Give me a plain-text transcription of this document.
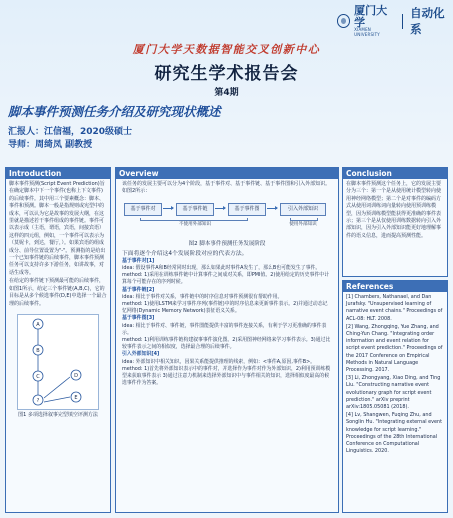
厦门大学
XIAMEN UNIVERSITY
自动化系
厦门大学天数据智能交叉创新中心
研究生学术报告会
第4期
脚本事件预测任务介绍及研究现状概述
汇报人：江信福，2020级硕士
导师：周绮凤 副教授
Introduction

脚本事件预测(Script Event Prediction)旨在确定脚本中下一个事件(也称上下文事件)的后续事件。其中用三个要素概念：脚本、事件和预测。脚本一般是指规则或宪型中的成本，可以认为它是故事的发展大纲，在这里就是描述若干事件组成的事件链。事件可以表示成（主语，谓语，宾语，间接宾语）这样的四元组，例如，一个事件可以表示为（莫妮卡，到达，餐厅，）。如果宾语的组成成分、前导位置设置为"-"。预测指的是给出一个已知事件链的后续事件，脚本事件预测任务可以支持许多下游任务，如讲故事，对话生成等。

在给定的事件链下预测最可能的后续事件，如图1所示，给定三个事件链(A,B,C)，它的目标是从多个候选事件(D,E)中选择一个最合理的后续事件。

A
B
C	D
E
?
图1 多项选择叙事完型填空评测方法
Overview
该任务的发展主要可以分为4个阶段，基于事件对、基于事件链、基于事件图和引入外部知识。如图2所示：
基于事件对	基于事件链	基于事件图	引入外部知识
不使用外部知识	使用外部知识
图2 脚本事件预测任务发展阶段
下面将逐个介绍这4个发展阶段对应的代表方法。
基于事件对[1]
idea: 假设事件A和B经常同时出现，那么如果此时事件A发生了，那么B也可能发生了事件。
method: 1)采用在训练事件链中计算事件之间成对关系，即PMI值。2)使用给定的历史事件中计算每个可能存在的序列时候。
基于事件链[2]
idea: 相比于事件对关系，事件链中的时序信息对事件预测很有帮助作用。
method: 1)使用LSTM来学习事件序列(事件链)中的时序信息来更新事件表示。2)并通过动态记忆网络(Dynamic Memory Network)表征语义关系。
基于事件图[3]
idea: 相比于事件对、事件链，事件图能提供丰富的事件连接关系，有利于学习更准确的事件表示。
method: 1)利用训练事件链构建叙事事件演化图。2)采用图神经网络来学习事件表示。3)通过比较事件表示之间的相似度，选择最合理的后续事件。
引入外部知识[4]
idea: 外部知识中相关知识，因果关系能提供推理的线索，例如：<事件A,原因,事件B>。
method: 1)首先将外部知识表示中的事件对，并选择作为事件对作为外部知识，2)利用预训练模型来获取事件表示 3)通过注意力机制来选择外部知识中与事件相关的知识，选择相似度最高的候选事件作为答案。
Conclusion
在脚本事件预测这个任务上，它的发展主要分为三个：第一个是从使用统计模型转向使用神经网络模型；第二个是对事件的编码方式从使用词训练词向量转向使用预训练模型，因为预训练模型能获得更准确的事件表示；第三个是从仅使用训练数据转向引入外部知识，因为引入外部知识能更好地理解事件的语义信息，进而提高预测性能。
References

[1] Chambers, Nathanael, and Dan Jurafsky. "Unsupervised learning of narrative event chains." Proceedings of ACL-08: HLT. 2008.

[2] Wang, Zhongqing, Yue Zhang, and Ching-Yun Chang. "Integrating order information and event relation for script event prediction." Proceedings of the 2017 Conference on Empirical Methods in Natural Language Processing. 2017.

[3] Li, Zhongyang, Xiao Ding, and Ting Liu. "Constructing narrative event evolutionary graph for script event prediction." arXiv preprint arXiv:1805.05081 (2018).

[4] Lv, Shangwen, Fuqing Zhu, and Songlin Hu. "Integrating external event knowledge for script learning." Proceedings of the 28th International Conference on Computational Linguistics. 2020.
